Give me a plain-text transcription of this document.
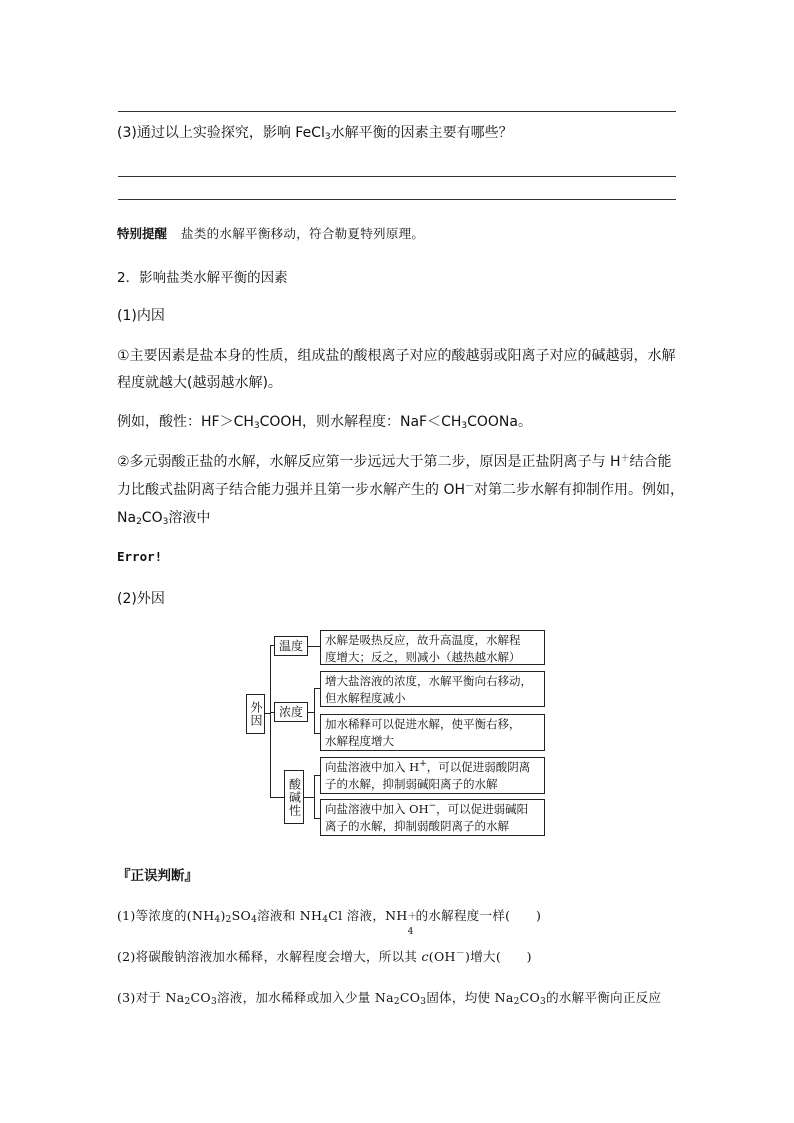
(3)通过以上实验探究，影响 FeCl$_3$水解平衡的因素主要有哪些？
特别提醒 盐类的水解平衡移动，符合勒夏特列原理。
2．影响盐类水解平衡的因素
(1)内因
①主要因素是盐本身的性质，组成盐的酸根离子对应的酸越弱或阳离子对应的碱越弱，水解
程度就越大(越弱越水解)。
例如，酸性：$HF>CH_3COOH$，则水解程度：$NaF<CH_3COONa$。
②多元弱酸正盐的水解，水解反应第一步远远大于第二步，原因是正盐阴离子与 H＋结合能
力比酸式盐阴离子结合能力强并且第一步水解产生的 OH－对第二步水解有抑制作用。例如，
$Na_2CO_3$溶液中
Error!
(2)外因
外因
温度	水解是吸热反应，故升高温度，水解程
度增大；反之，则减小（越热越水解）
浓度
增大盐溶液的浓度，水解平衡向右移动，
但水解程度减小
加水稀释可以促进水解，使平衡右移，
水解程度增大
酸碱性
向盐溶液中加入 H+，可以促进弱酸阴离
子的水解，抑制弱碱阳离子的水解
向盐溶液中加入 OH−，可以促进弱碱阳
离子的水解，抑制弱酸阴离子的水解
『正误判断』
(1)等浓度的$(NH_4)_2SO_4$溶液和 $NH_4Cl$ 溶液，NH ＋
4
的水解程度一样(　　)
(2)将碳酸钠溶液加水稀释，水解程度会增大，所以其 c(OH－)增大(　　)
(3)对于 $Na_2CO_3$溶液，加水稀释或加入少量 $Na_2CO_3$固体，均使 $Na_2CO_3$的水解平衡向正反应
